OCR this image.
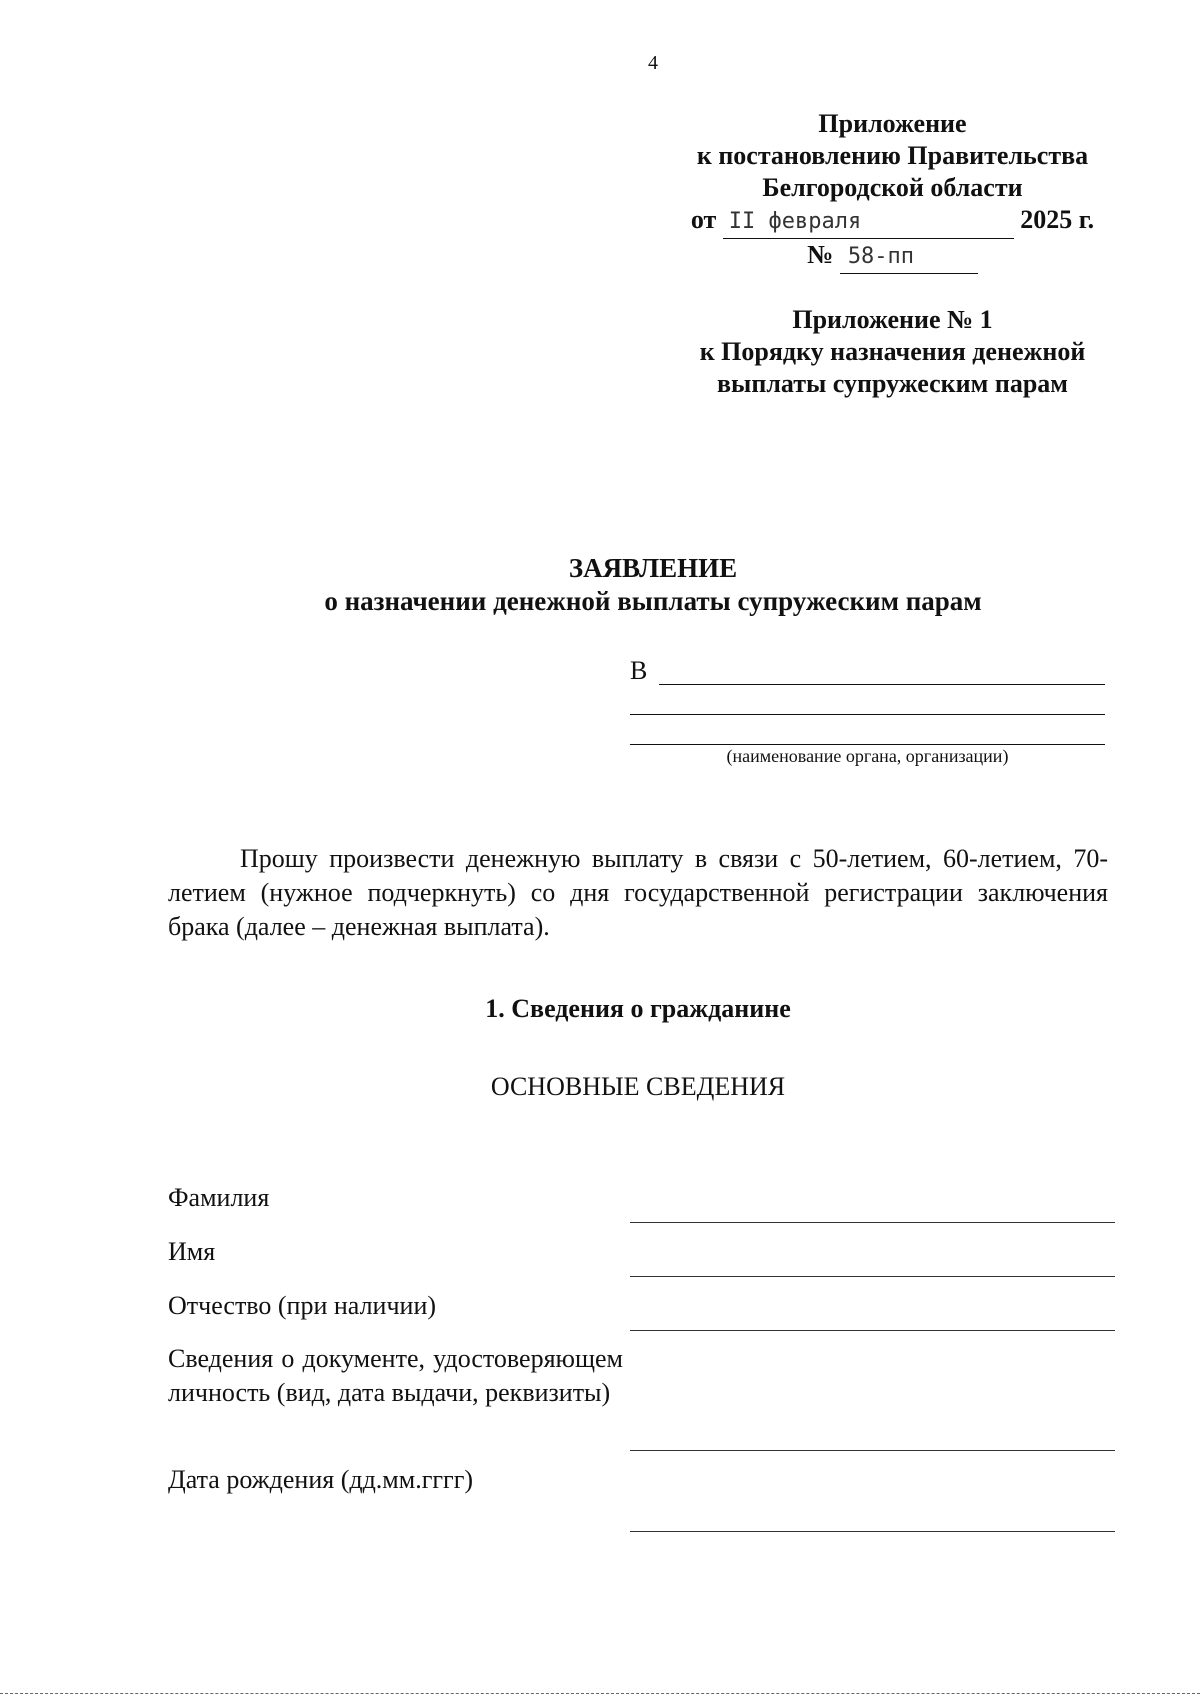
4
Приложение
к постановлению Правительства
Белгородской области
от II февраля	2025 г.
№ 58-пп
Приложение № 1
к Порядку назначения денежной
выплаты супружеским парам
ЗАЯВЛЕНИЕ
о назначении денежной выплаты супружеским парам
В
(наименование органа, организации)
Прошу произвести денежную выплату в связи с 50-летием, 60-летием, 70-летием (нужное подчеркнуть) со дня государственной регистрации заключения брака (далее – денежная выплата).
1. Сведения о гражданине
ОСНОВНЫЕ СВЕДЕНИЯ
Фамилия
Имя
Отчество (при наличии)
Сведения о документе, удостоверяющем личность (вид, дата выдачи, реквизиты)
Дата рождения (дд.мм.гггг)
